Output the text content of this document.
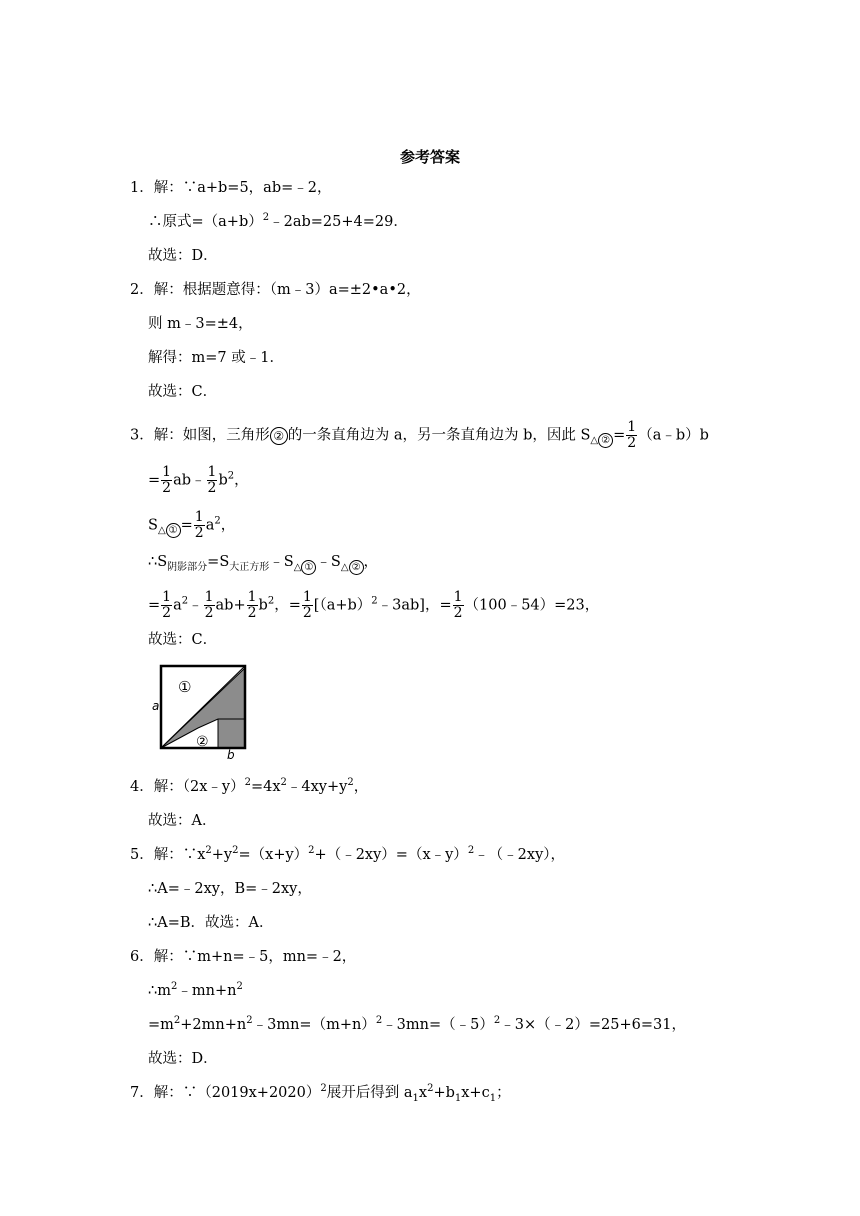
参考答案
1．解：∵a+b=5，ab=﹣2，
∴原式$=(a+b)^2﹣2ab=25+4=29$．
故选：D．
2．解：根据题意得：（m﹣3）a=±2•a•2，
则 m﹣3=±4，
解得：m=7 或﹣1．
故选：C．
3．解：如图，三角形 ② 的一条直角边为 a，另一条直角边为 b，因此 $S_{\triangle ②} = \frac{1}{2}$ （a﹣b）b
= $\frac{1}{2}$ ab﹣ $\frac{1}{2} b^2$，
$S_{\triangle ①} = \frac{1}{2} a^2$，
$\therefore S_{阴影部分}=S_{大正方形}﹣S_{\triangle ①}$ $﹣S_{\triangle ②}$ ，
= $\frac{1}{2}$ $a^2﹣ \frac{1}{2} ab+ \frac{1}{2} b^2$，= $\frac{1}{2}$ $[(a+b)^2﹣3ab]$，= $\frac{1}{2}$ （100﹣54）=23，
故选：C．
4．解：$(2x﹣y)^2=4x^2﹣4xy+y^2$，
故选：A．
5．解：$\because x^2+y^2=(x+y)^2+(﹣2xy)=(x﹣y)^2﹣(﹣2xy)$，
∴A=﹣2xy，B=﹣2xy，
∴A=B．故选：A．
6．解：∵m+n=﹣5，mn=﹣2，
$\therefore m^2﹣mn+n^2$
$=m^2+2mn+n^2﹣3mn=(m+n)^2﹣3mn=(﹣5)^2﹣3\times(﹣2)=25+6=31$，
故选：D．
7．解：$\because(2019x+2020)^2$展开后得到 $a_1x^2+b_1x+c_1$；
①
②
a
b
